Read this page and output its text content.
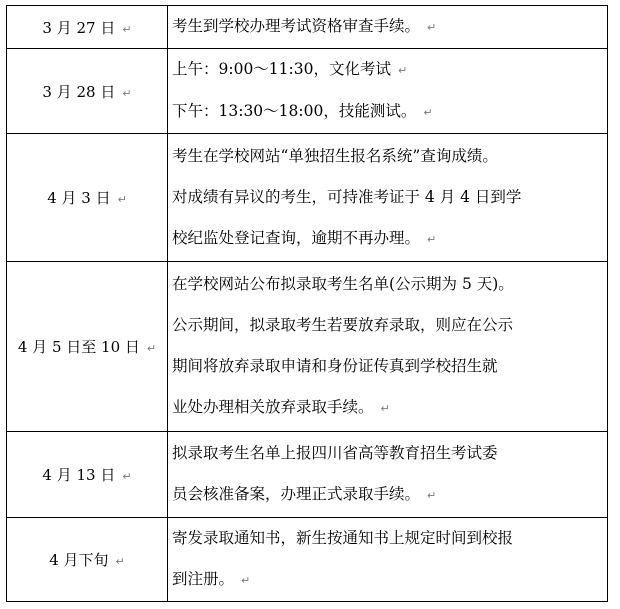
3 月 27 日 ↵	考生到学校办理考试资格审查手续。 ↵

3 月 28 日 ↵	上午：9:00～11:30，文化考试 ↵
下午：13:30～18:00，技能测试。 ↵

4 月 3 日 ↵	考生在学校网站“单独招生报名系统”查询成绩。
对成绩有异议的考生，可持准考证于 4 月 4 日到学
校纪监处登记查询，逾期不再办理。 ↵

4 月 5 日至 10 日 ↵	在学校网站公布拟录取考生名单(公示期为 5 天)。
公示期间，拟录取考生若要放弃录取，则应在公示
期间将放弃录取申请和身份证传真到学校招生就
业处办理相关放弃录取手续。 ↵

4 月 13 日 ↵	拟录取考生名单上报四川省高等教育招生考试委
员会核准备案，办理正式录取手续。 ↵

4 月下旬 ↵	寄发录取通知书，新生按通知书上规定时间到校报
到注册。 ↵
